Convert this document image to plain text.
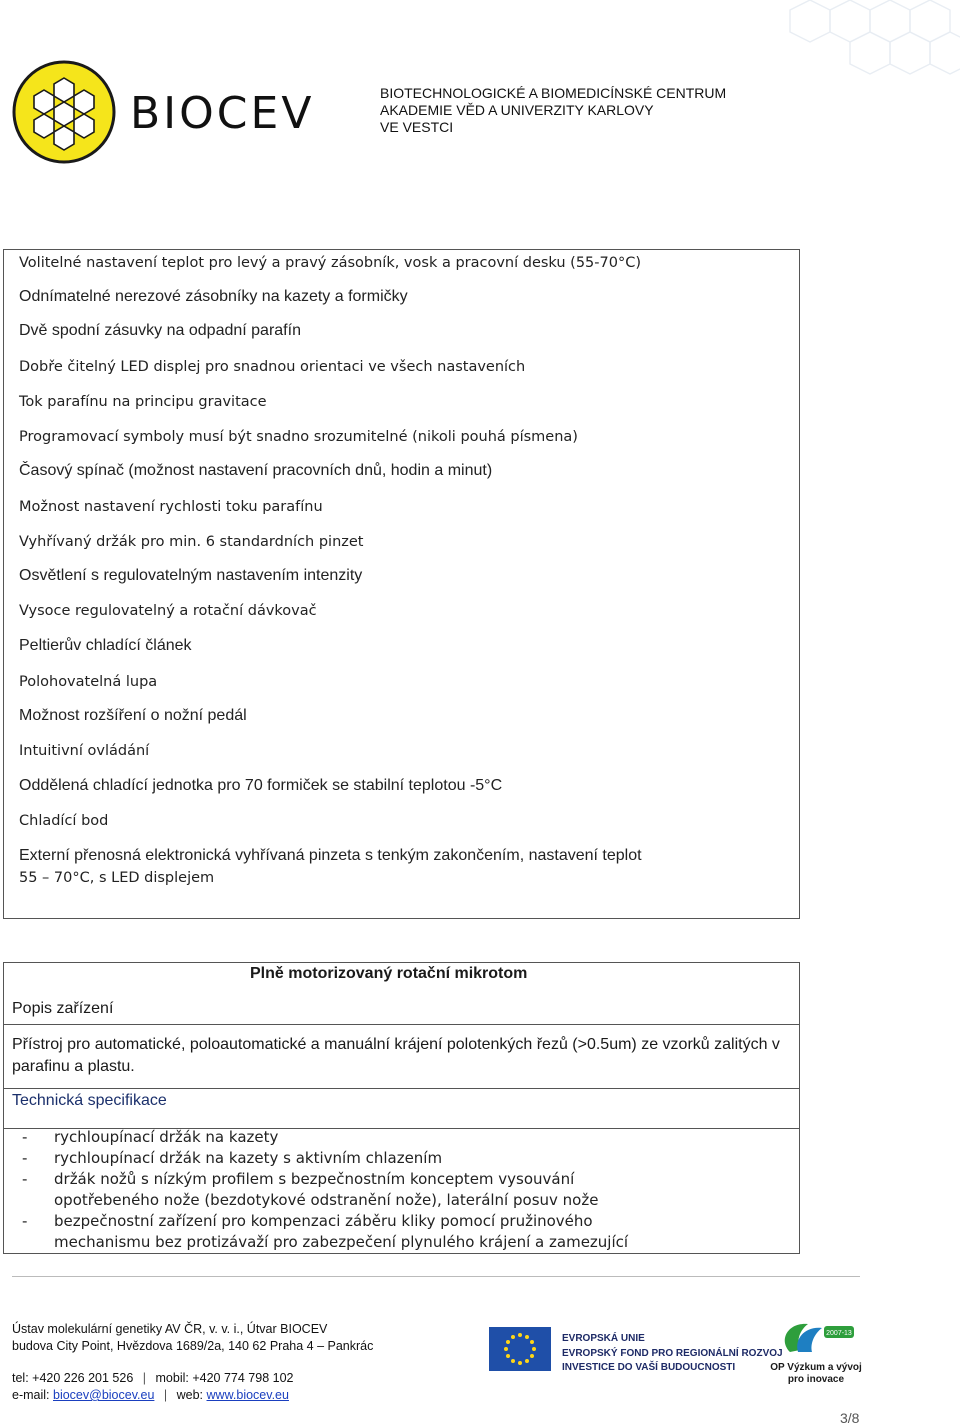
BIOCEV	BIOTECHNOLOGICKÉ A BIOMEDICÍNSKÉ CENTRUM
AKADEMIE VĚD A UNIVERZITY KARLOVY
VE VESTCI
Volitelné nastavení teplot pro levý a pravý zásobník, vosk a pracovní desku (55-70°C)
Odnímatelné nerezové zásobníky na kazety a formičky
Dvě spodní zásuvky na odpadní parafín
Dobře čitelný LED displej pro snadnou orientaci ve všech nastaveních
Tok parafínu na principu gravitace
Programovací symboly musí být snadno srozumitelné (nikoli pouhá písmena)
Časový spínač (možnost nastavení pracovních dnů, hodin a minut)
Možnost nastavení rychlosti toku parafínu
Vyhřívaný držák pro min. 6 standardních pinzet
Osvětlení s regulovatelným nastavením intenzity
Vysoce regulovatelný a rotační dávkovač
Peltierův chladící článek
Polohovatelná lupa
Možnost rozšíření o nožní pedál
Intuitivní ovládání
Oddělená chladící jednotka pro 70 formiček se stabilní teplotou -5°C
Chladící bod
Externí přenosná elektronická vyhřívaná pinzeta s tenkým zakončením, nastavení teplot
55 – 70°C, s LED displejem
Plně motorizovaný rotační mikrotom
Popis zařízení
Přístroj pro automatické, poloautomatické a manuální krájení polotenkých řezů (>0.5um) ze vzorků zalitých v parafinu a plastu.
Technická specifikace
- rychloupínací držák na kazety
- rychloupínací držák na kazety s aktivním chlazením
- držák nožů s nízkým profilem s bezpečnostním konceptem vysouvání
opotřebeného nože (bezdotykové odstranění nože), laterální posuv nože
- bezpečnostní zařízení pro kompenzaci záběru kliky pomocí pružinového
mechanismu bez protizávaží pro zabezpečení plynulého krájení a zamezující
Ústav molekulární genetiky AV ČR, v. v. i., Útvar BIOCEV
budova City Point, Hvězdova 1689/2a, 140 62 Praha 4 – Pankrác
tel: +420 226 201 526 | mobil: +420 774 798 102
e-mail: biocev@biocev.eu | web: www.biocev.eu
EVROPSKÁ UNIE
EVROPSKÝ FOND PRO REGIONÁLNÍ ROZVOJ
INVESTICE DO VAŠÍ BUDOUCNOSTI
2007-13
OP Výzkum a vývoj
pro inovace
3/8
